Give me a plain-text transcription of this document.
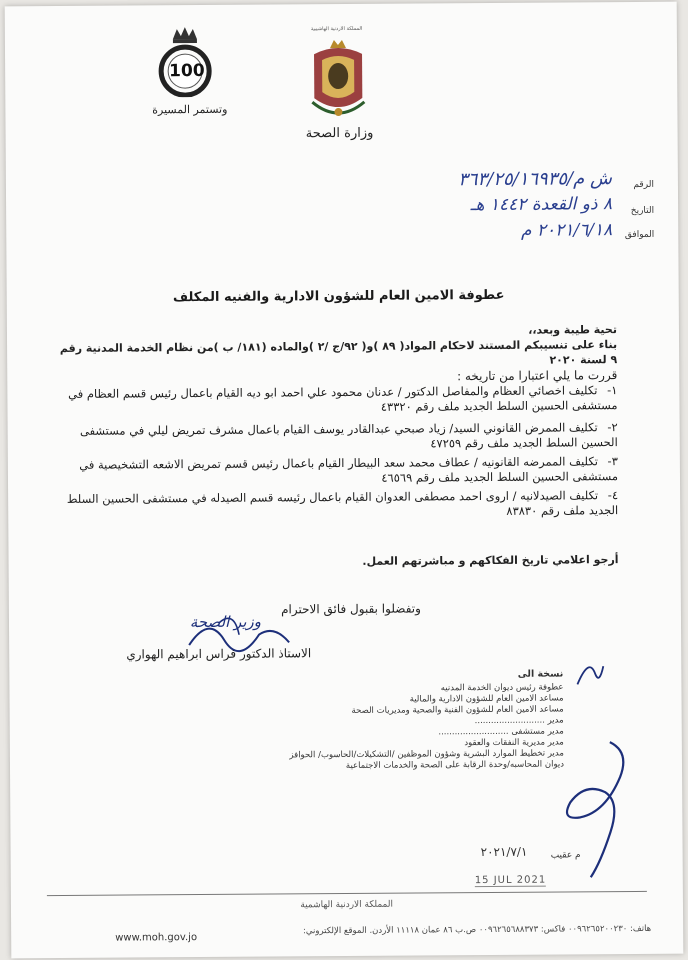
100
وتستمر المسيرة
المملكة الاردنية الهاشمية
وزارة الصحة
الرقم
ش م/٣٦٣/٢٥/١٦٩٣٥
التاريخ
٨ ذو القعدة ١٤٤٢ هـ
الموافق
٢٠٢١/٦/١٨ م
عطوفة الامين العام للشؤون الادارية والفنيه المكلف
تحية طيبة وبعد،،
بناء على تنسيبكم المستند لاحكام المواد( ٨٩ )و( ٩٢/ج /٢ )والماده (١٨١/ ب )من نظام الخدمة المدنية رقم ٩ لسنة ٢٠٢٠
قررت ما يلي اعتبارا من تاريخه :
١-تكليف اخصائي العظام والمفاصل الدكتور / عدنان محمود علي احمد ابو ديه القيام باعمال رئيس قسم العظام في مستشفى الحسين السلط الجديد ملف رقم ٤٣٣٢٠
٢-تكليف الممرض القانوني السيد/ زياد صبحي عبدالقادر يوسف القيام باعمال مشرف تمريض ليلي في مستشفى الحسين السلط الجديد ملف رقم ٤٧٢٥٩
٣-تكليف الممرضه القانونيه / عطاف محمد سعد البيطار القيام باعمال رئيس قسم تمريض الاشعه التشخيصية في مستشفى الحسين السلط الجديد ملف رقم ٤٦٥٦٩
٤-تكليف الصيدلانيه / اروى احمد مصطفى العدوان القيام باعمال رئيسه قسم الصيدله في مستشفى الحسين السلط الجديد ملف رقم ٨٣٨٣٠
أرجو اعلامي تاريخ الفكاكهم و مباشرتهم العمل.
وتفضلوا بقبول فائق الاحترام
وزير الصحة
الاستاذ الدكتور فراس ابراهيم الهواري
نسخة الى
عطوفة رئيس ديوان الخدمة المدنيه
مساعد الامين العام للشؤون الادارية والمالية
مساعد الامين العام للشؤون الفنية والصحية ومديريات الصحة
مدير ..........................
مدير مستشفى ..........................
مدير مديرية النفقات والعقود
مدير تخطيط الموارد البشرية وشؤون الموظفين /التشكيلات/الحاسوب/ الحوافز
ديوان المحاسبه/وحدة الرقابة على الصحة والخدمات الاجتماعية
م عقيب
٢٠٢١/٧/١
15 JUL 2021
المملكة الاردنية الهاشمية
هاتف: ٠٠٩٦٢٦٥٢٠٠٢٣٠ فاكس: ٠٠٩٦٢٦٥٦٨٨٣٧٣ ص.ب ٨٦ عمان ١١١١٨ الأردن. الموقع الإلكتروني:
www.moh.gov.jo
